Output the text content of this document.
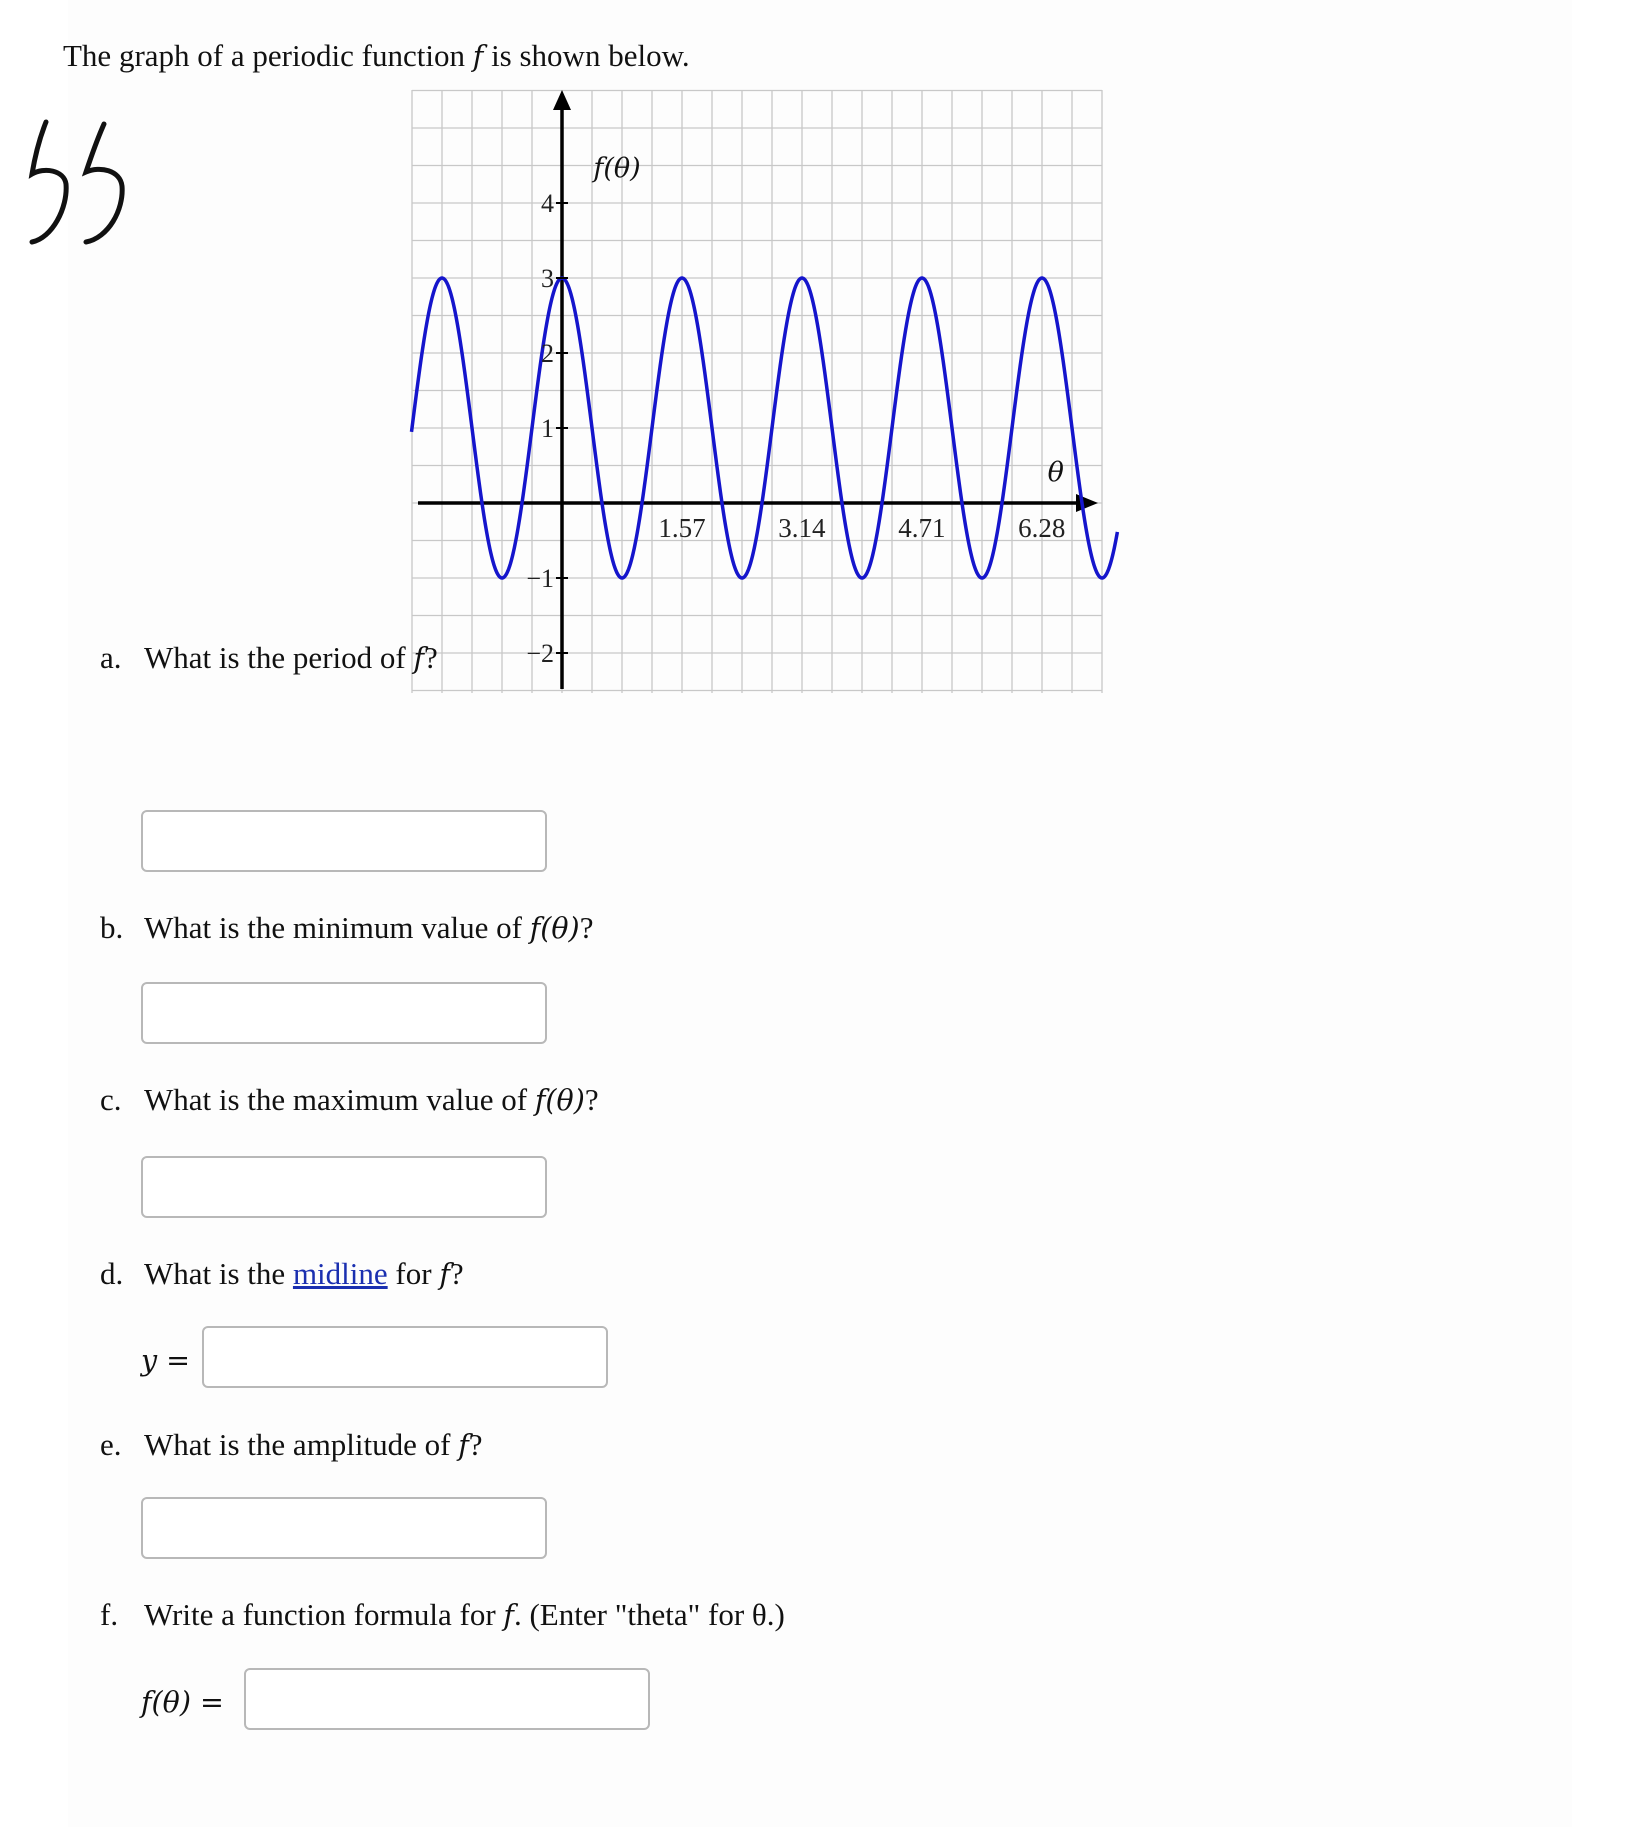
The graph of a periodic function f is shown below.
1.57	3.14	4.71	6.28
4
3
2
1
−1
−2
f(θ)
θ
a. What is the period of f?
b. What is the minimum value of f(θ)?
c. What is the maximum value of f(θ)?
d. What is the midline for f?
y =
e. What is the amplitude of f?
f. Write a function formula for f. (Enter "theta" for θ.)
f(θ) =
